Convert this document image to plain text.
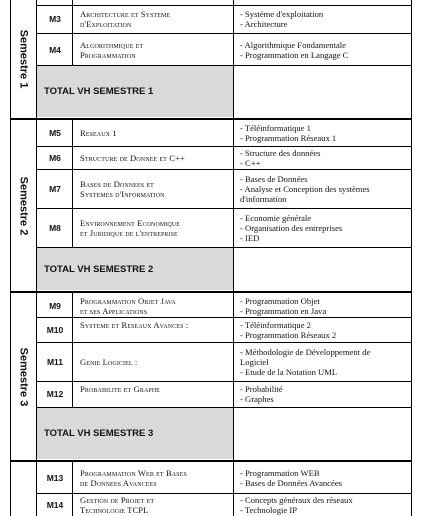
Semestre 1
M3	Architecture et Systeme
d'Exploitation
- Système d'exploitation
- Architecture
M4	Algorithmique et
Programmation
- Algorithmique Fondamentale
- Programmation en Langage C
TOTAL VH SEMESTRE 1
Semestre 2
M5	Reseaux 1	- Téléinformatique 1
- Programmation Réseaux 1
M6	Structure de Donnee et C++	- Structure des données
- C++
M7	Bases de Donnees et
Systemes d'Information
- Bases de Données
- Analyse et Conception des systèmes
d'information
M8	Environnement Economique
et Juridique de l'entreprise
- Economie générale
- Organisation des entreprises
- IED
TOTAL VH SEMESTRE 2
Semestre 3
M9	Programmation Objet Java
et ses Applications
- Programmation Objet
- Programmation en Java
M10	Systeme et Reseaux Avances :	- Téléinformatique 2
- Programmation Réseaux 2
M11	Genie Logiciel :
- Méthodologie de Développement de
Logiciel
- Etude de la Notation UML
M12	Probabilite et Graphe	- Probabilité
- Graphes
TOTAL VH SEMESTRE 3
M13	Programmation Web et Bases
de Donnees Avancees
- Programmation WEB
- Bases de Données Avancées
M14	Gestion de Projet et
Technologie TCPL
- Concepts généraux des réseaux
- Technologie IP
